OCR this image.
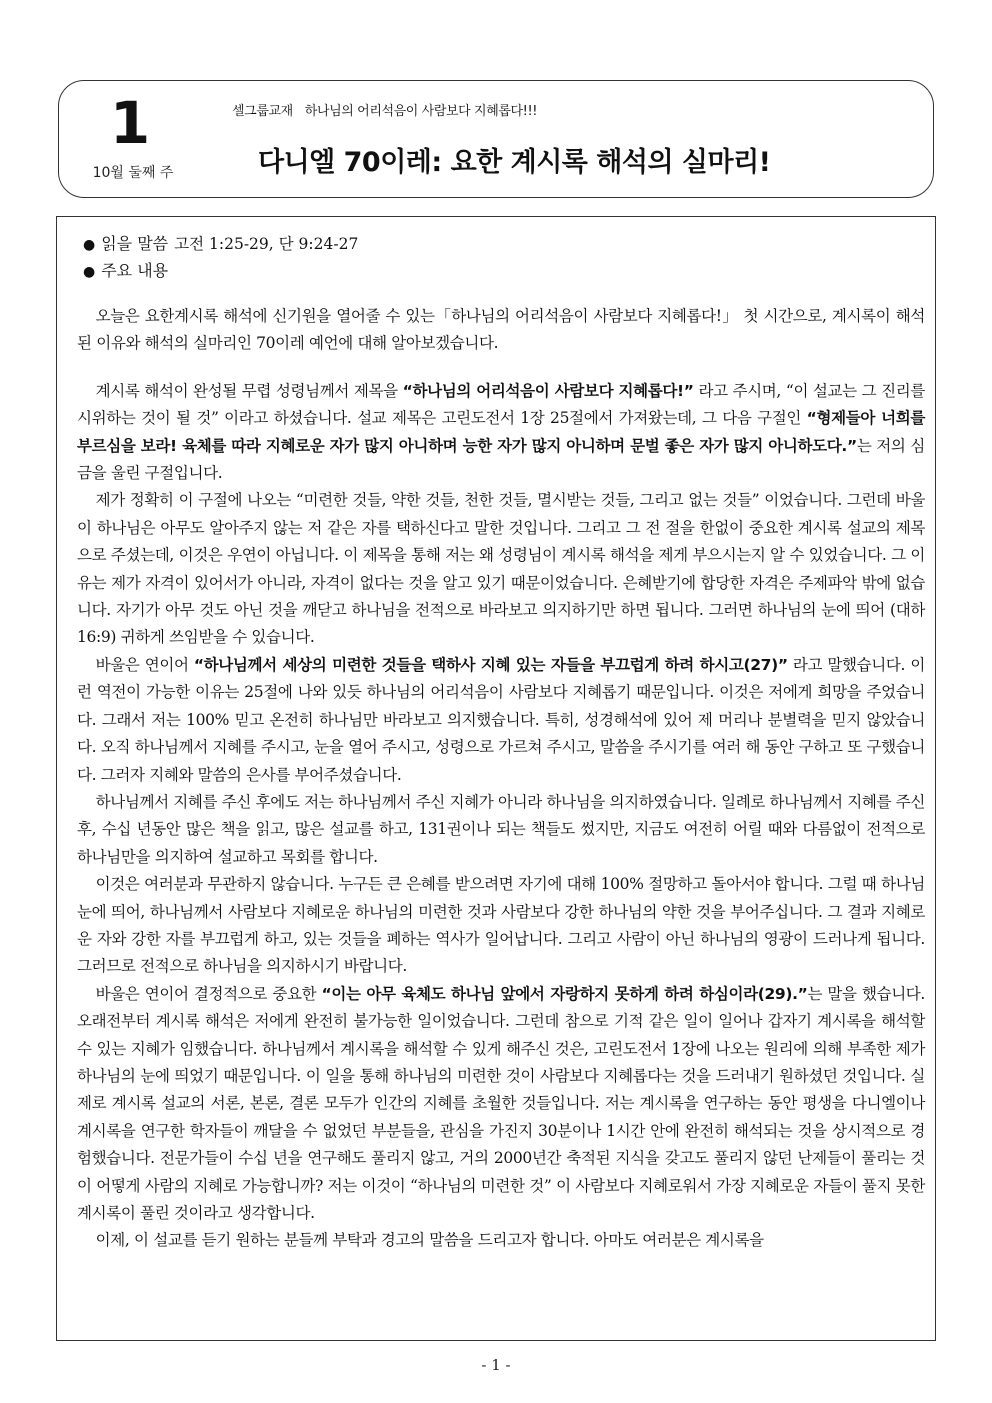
1
10월 둘째 주
셀그룹교재 하나님의 어리석음이 사람보다 지혜롭다!!!
다니엘 70이레: 요한 계시록 해석의 실마리!
● 읽을 말씀 고전 1:25-29, 단 9:24-27
● 주요 내용

오늘은 요한계시록 해석에 신기원을 열어줄 수 있는「하나님의 어리석음이 사람보다 지혜롭다!」 첫 시간으로, 계시록이 해석된 이유와 해석의 실마리인 70이레 예언에 대해 알아보겠습니다.

계시록 해석이 완성될 무렵 성령님께서 제목을 “하나님의 어리석음이 사람보다 지혜롭다!” 라고 주시며, “이 설교는 그 진리를 시위하는 것이 될 것” 이라고 하셨습니다. 설교 제목은 고린도전서 1장 25절에서 가져왔는데, 그 다음 구절인 “형제들아 너희를 부르심을 보라! 육체를 따라 지혜로운 자가 많지 아니하며 능한 자가 많지 아니하며 문벌 좋은 자가 많지 아니하도다.”는 저의 심금을 울린 구절입니다.

제가 정확히 이 구절에 나오는 “미련한 것들, 약한 것들, 천한 것들, 멸시받는 것들, 그리고 없는 것들” 이었습니다. 그런데 바울이 하나님은 아무도 알아주지 않는 저 같은 자를 택하신다고 말한 것입니다. 그리고 그 전 절을 한없이 중요한 계시록 설교의 제목으로 주셨는데, 이것은 우연이 아닙니다. 이 제목을 통해 저는 왜 성령님이 계시록 해석을 제게 부으시는지 알 수 있었습니다. 그 이유는 제가 자격이 있어서가 아니라, 자격이 없다는 것을 알고 있기 때문이었습니다. 은혜받기에 합당한 자격은 주제파악 밖에 없습니다. 자기가 아무 것도 아닌 것을 깨닫고 하나님을 전적으로 바라보고 의지하기만 하면 됩니다. 그러면 하나님의 눈에 띄어 (대하 16:9) 귀하게 쓰임받을 수 있습니다.

바울은 연이어 “하나님께서 세상의 미련한 것들을 택하사 지혜 있는 자들을 부끄럽게 하려 하시고(27)” 라고 말했습니다. 이런 역전이 가능한 이유는 25절에 나와 있듯 하나님의 어리석음이 사람보다 지혜롭기 때문입니다. 이것은 저에게 희망을 주었습니다. 그래서 저는 100% 믿고 온전히 하나님만 바라보고 의지했습니다. 특히, 성경해석에 있어 제 머리나 분별력을 믿지 않았습니다. 오직 하나님께서 지혜를 주시고, 눈을 열어 주시고, 성령으로 가르쳐 주시고, 말씀을 주시기를 여러 해 동안 구하고 또 구했습니다. 그러자 지혜와 말씀의 은사를 부어주셨습니다.

하나님께서 지혜를 주신 후에도 저는 하나님께서 주신 지혜가 아니라 하나님을 의지하였습니다. 일례로 하나님께서 지혜를 주신 후, 수십 년동안 많은 책을 읽고, 많은 설교를 하고, 131권이나 되는 책들도 썼지만, 지금도 여전히 어릴 때와 다름없이 전적으로 하나님만을 의지하여 설교하고 목회를 합니다.

이것은 여러분과 무관하지 않습니다. 누구든 큰 은혜를 받으려면 자기에 대해 100% 절망하고 돌아서야 합니다. 그럴 때 하나님 눈에 띄어, 하나님께서 사람보다 지혜로운 하나님의 미련한 것과 사람보다 강한 하나님의 약한 것을 부어주십니다. 그 결과 지혜로운 자와 강한 자를 부끄럽게 하고, 있는 것들을 폐하는 역사가 일어납니다. 그리고 사람이 아닌 하나님의 영광이 드러나게 됩니다. 그러므로 전적으로 하나님을 의지하시기 바랍니다.

바울은 연이어 결정적으로 중요한 “이는 아무 육체도 하나님 앞에서 자랑하지 못하게 하려 하심이라(29).”는 말을 했습니다. 오래전부터 계시록 해석은 저에게 완전히 불가능한 일이었습니다. 그런데 참으로 기적 같은 일이 일어나 갑자기 계시록을 해석할 수 있는 지혜가 임했습니다. 하나님께서 계시록을 해석할 수 있게 해주신 것은, 고린도전서 1장에 나오는 원리에 의해 부족한 제가 하나님의 눈에 띄었기 때문입니다. 이 일을 통해 하나님의 미련한 것이 사람보다 지혜롭다는 것을 드러내기 원하셨던 것입니다. 실제로 계시록 설교의 서론, 본론, 결론 모두가 인간의 지혜를 초월한 것들입니다. 저는 계시록을 연구하는 동안 평생을 다니엘이나 계시록을 연구한 학자들이 깨달을 수 없었던 부분들을, 관심을 가진지 30분이나 1시간 안에 완전히 해석되는 것을 상시적으로 경험했습니다. 전문가들이 수십 년을 연구해도 풀리지 않고, 거의 2000년간 축적된 지식을 갖고도 풀리지 않던 난제들이 풀리는 것이 어떻게 사람의 지혜로 가능합니까? 저는 이것이 “하나님의 미련한 것” 이 사람보다 지혜로워서 가장 지혜로운 자들이 풀지 못한 계시록이 풀린 것이라고 생각합니다.

이제, 이 설교를 듣기 원하는 분들께 부탁과 경고의 말씀을 드리고자 합니다. 아마도 여러분은 계시록을

- 1 -
